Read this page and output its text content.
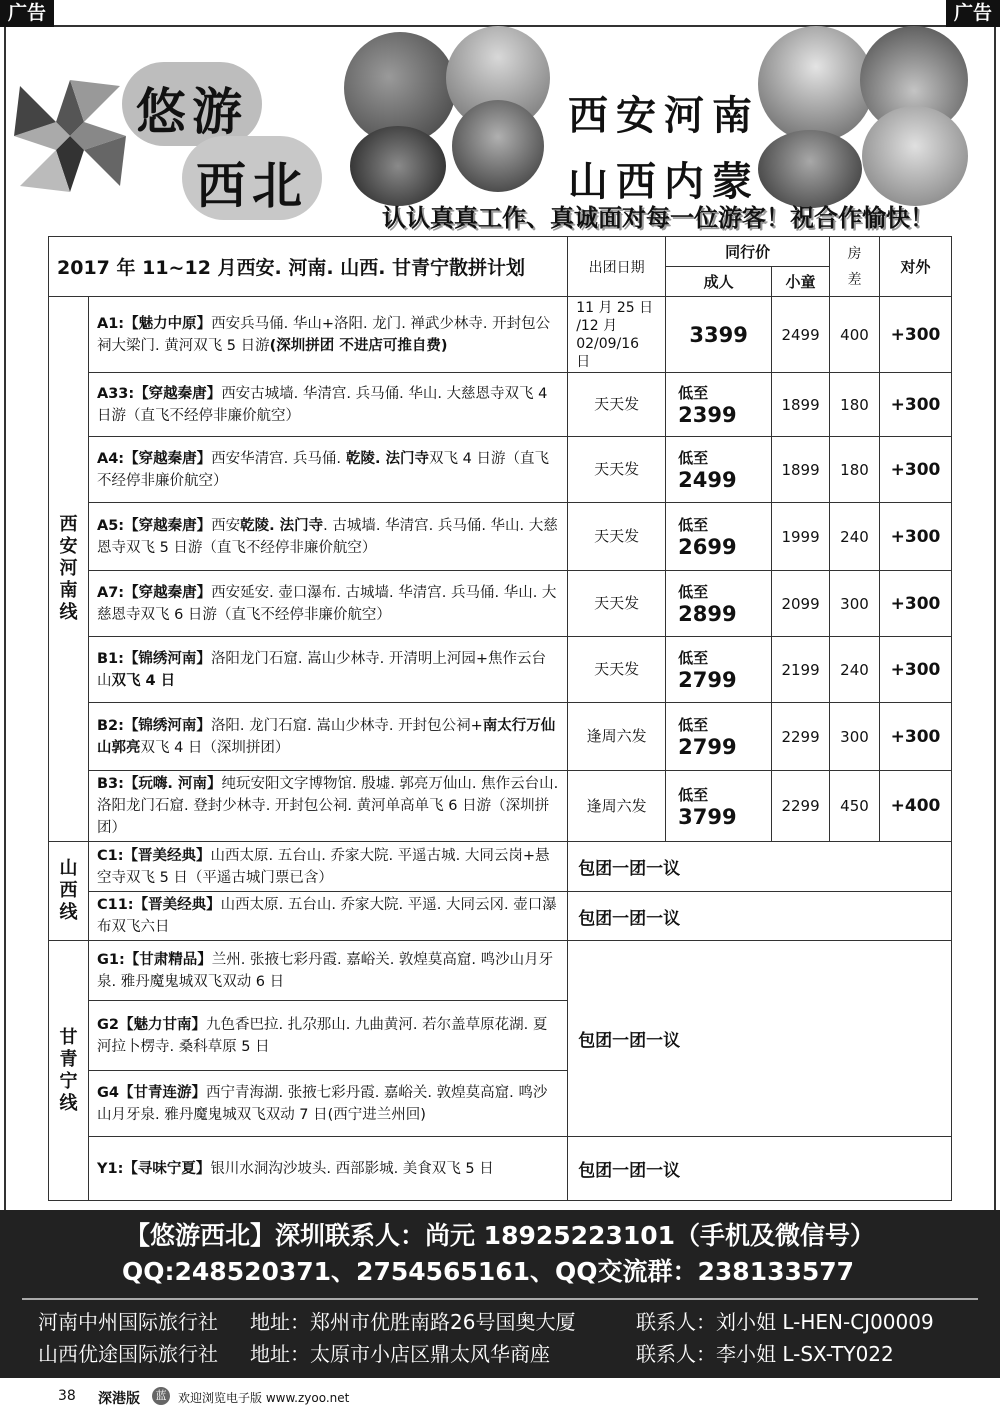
广告	广告
悠游
西北
西安河南
山西内蒙
认认真真工作、真诚面对每一位游客！祝合作愉快！
2017 年 11~12 月西安. 河南. 山西. 甘青宁散拼计划		出团日期	同行价		房差	对外
			成人	小童		

西安河南线	A1:【魅力中原】西安兵马俑. 华山+洛阳. 龙门. 禅武少林寺. 开封包公祠大梁门. 黄河双飞 5 日游(深圳拼团 不进店可推自费)	11 月 25 日 /12 月 02/09/16 日	3399	2499	400	+300
	A33:【穿越秦唐】西安古城墙. 华清宫. 兵马俑. 华山. 大慈恩寺双飞 4 日游（直飞不经停非廉价航空）	天天发	低至 2399	1899	180	+300
	A4:【穿越秦唐】西安华清宫. 兵马俑. 乾陵. 法门寺双飞 4 日游（直飞不经停非廉价航空）	天天发	低至 2499	1899	180	+300
	A5:【穿越秦唐】西安乾陵. 法门寺. 古城墙. 华清宫. 兵马俑. 华山. 大慈恩寺双飞 5 日游（直飞不经停非廉价航空）	天天发	低至 2699	1999	240	+300
	A7:【穿越秦唐】西安延安. 壶口瀑布. 古城墙. 华清宫. 兵马俑. 华山. 大慈恩寺双飞 6 日游（直飞不经停非廉价航空）	天天发	低至 2899	2099	300	+300
	B1:【锦绣河南】洛阳龙门石窟. 嵩山少林寺. 开清明上河园+焦作云台山双飞 4 日	天天发	低至 2799	2199	240	+300
	B2:【锦绣河南】洛阳. 龙门石窟. 嵩山少林寺. 开封包公祠+南太行万仙山郭亮双飞 4 日（深圳拼团）	逢周六发	低至 2799	2299	300	+300
	B3:【玩嗨. 河南】纯玩安阳文字博物馆. 殷墟. 郭亮万仙山. 焦作云台山. 洛阳龙门石窟. 登封少林寺. 开封包公祠. 黄河单高单飞 6 日游（深圳拼团）	逢周六发	低至 3799	2299	450	+400

山西线	C1:【晋美经典】山西太原. 五台山. 乔家大院. 平遥古城. 大同云岗+悬空寺双飞 5 日（平遥古城门票已含）	包团一团一议				
	C11:【晋美经典】山西太原. 五台山. 乔家大院. 平遥. 大同云冈. 壶口瀑布双飞六日	包团一团一议				

甘青宁线	G1:【甘肃精品】兰州. 张掖七彩丹霞. 嘉峪关. 敦煌莫高窟. 鸣沙山月牙泉. 雅丹魔鬼城双飞双动 6 日	包团一团一议				
	G2【魅力甘南】九色香巴拉. 扎尕那山. 九曲黄河. 若尔盖草原花湖. 夏河拉卜楞寺. 桑科草原 5 日					
	G4【甘青连游】西宁青海湖. 张掖七彩丹霞. 嘉峪关. 敦煌莫高窟. 鸣沙山月牙泉. 雅丹魔鬼城双飞双动 7 日(西宁进兰州回)					
	Y1:【寻味宁夏】银川水洞沟沙坡头. 西部影城. 美食双飞 5 日	包团一团一议				
【悠游西北】深圳联系人：尚元 18925223101（手机及微信号）
QQ:248520371、2754565161、QQ交流群：238133577
河南中州国际旅行社 地址：郑州市优胜南路26号国奥大厦	联系人：刘小姐 L-HEN-CJ00009
山西优途国际旅行社 地址：太原市小店区鼎太风华商座	联系人：李小姐 L-SX-TY022
38 深港版	蓝 欢迎浏览电子版 www.zyoo.net
